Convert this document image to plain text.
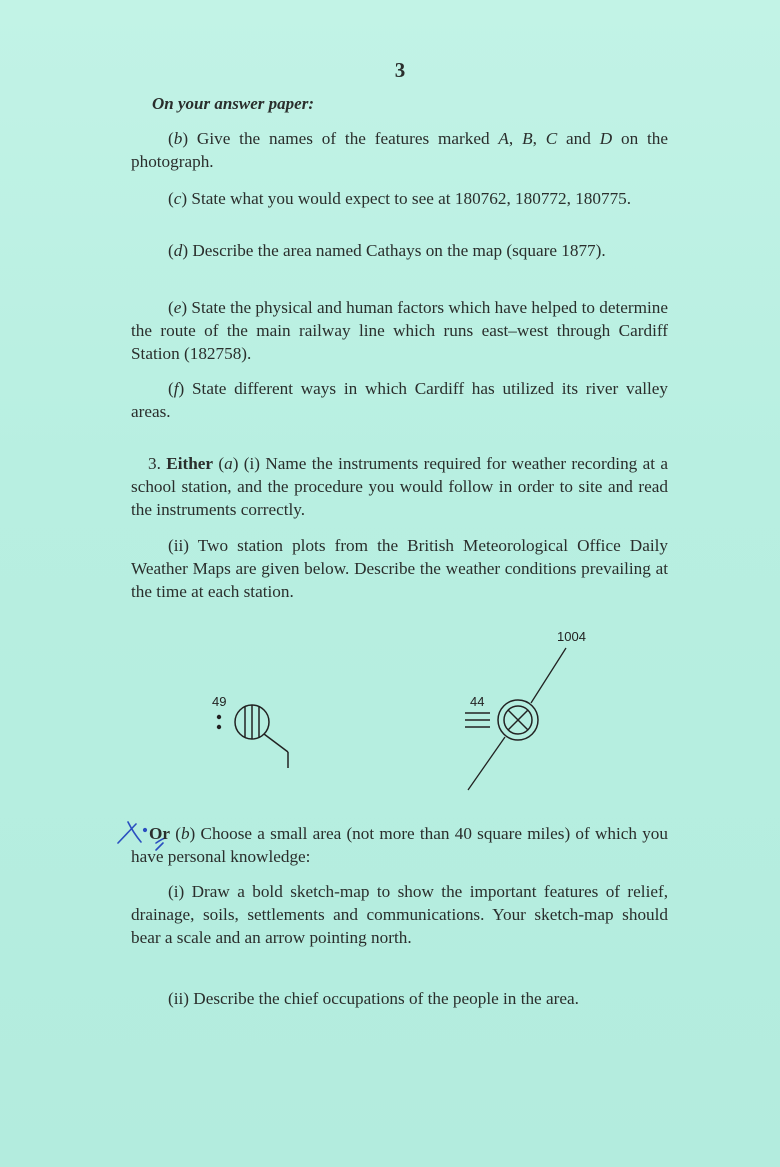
3
On your answer paper:
(b) Give the names of the features marked A, B, C and D on the photograph.
(c) State what you would expect to see at 180762, 180772, 180775.
(d) Describe the area named Cathays on the map (square 1877).
(e) State the physical and human factors which have helped to determine the route of the main railway line which runs east–west through Cardiff Station (182758).
(f) State different ways in which Cardiff has utilized its river valley areas.
3. Either (a) (i) Name the instruments required for weather recording at a school station, and the procedure you would follow in order to site and read the instruments correctly.
(ii) Two station plots from the British Meteorological Office Daily Weather Maps are given below. Describe the weather conditions prevailing at the time at each station.
49
1004
44
Or (b) Choose a small area (not more than 40 square miles) of which you have personal knowledge:
(i) Draw a bold sketch-map to show the important features of relief, drainage, soils, settlements and communications. Your sketch-map should bear a scale and an arrow pointing north.
(ii) Describe the chief occupations of the people in the area.
